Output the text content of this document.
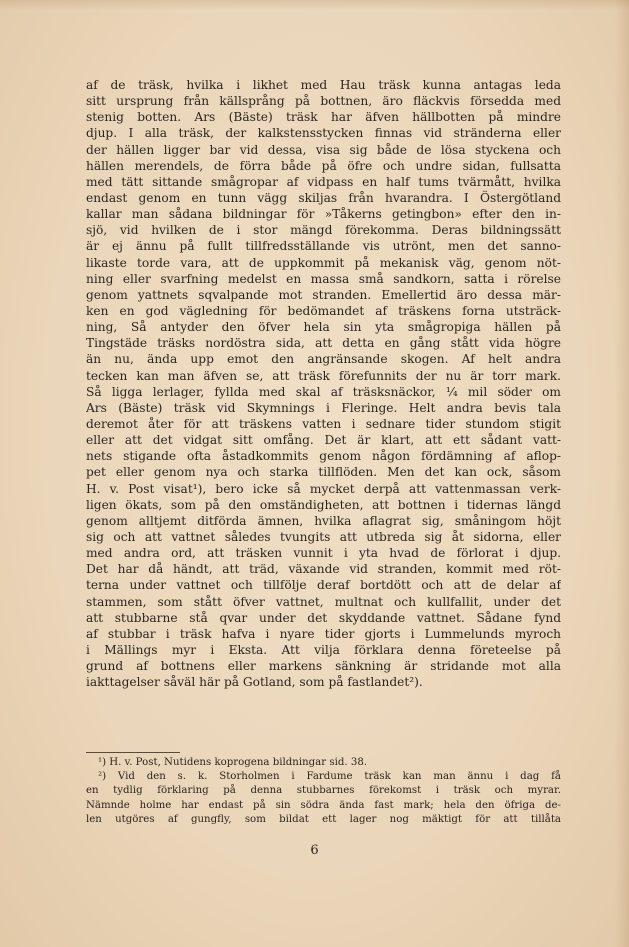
af de träsk, hvilka i likhet med Hau träsk kunna antagas leda
sitt ursprung från källsprång på bottnen, äro fläckvis försedda med
stenig botten. Ars (Bäste) träsk har äfven hällbotten på mindre
djup. I alla träsk, der kalkstensstycken finnas vid stränderna eller
der hällen ligger bar vid dessa, visa sig både de lösa styckena och
hällen merendels, de förra både på öfre och undre sidan, fullsatta
med tätt sittande smågropar af vidpass en half tums tvärmått, hvilka
endast genom en tunn vägg skiljas från hvarandra. I Östergötland
kallar man sådana bildningar för »Tåkerns getingbon» efter den in-
sjö, vid hvilken de i stor mängd förekomma. Deras bildningssätt
är ej ännu på fullt tillfredsställande vis utrönt, men det sanno-
likaste torde vara, att de uppkommit på mekanisk väg, genom nöt-
ning eller svarfning medelst en massa små sandkorn, satta i rörelse
genom yattnets sqvalpande mot stranden. Emellertid äro dessa mär-
ken en god vägledning för bedömandet af träskens forna utsträck-
ning, Så antyder den öfver hela sin yta smågropiga hällen på
Tingstäde träsks nordöstra sida, att detta en gång stått vida högre
än nu, ända upp emot den angränsande skogen. Af helt andra
tecken kan man äfven se, att träsk förefunnits der nu är torr mark.
Så ligga lerlager, fyllda med skal af träsksnäckor, ¼ mil söder om
Ars (Bäste) träsk vid Skymnings i Fleringe. Helt andra bevis tala
deremot åter för att träskens vatten i sednare tider stundom stigit
eller att det vidgat sitt omfång. Det är klart, att ett sådant vatt-
nets stigande ofta åstadkommits genom någon fördämning af aflop-
pet eller genom nya och starka tillflöden. Men det kan ock, såsom
H. v. Post visat¹), bero icke så mycket derpå att vattenmassan verk-
ligen ökats, som på den omständigheten, att bottnen i tidernas längd
genom alltjemt ditförda ämnen, hvilka aflagrat sig, småningom höjt
sig och att vattnet således tvungits att utbreda sig åt sidorna, eller
med andra ord, att träsken vunnit i yta hvad de förlorat i djup.
Det har då händt, att träd, växande vid stranden, kommit med röt-
terna under vattnet och tillfölje deraf bortdött och att de delar af
stammen, som stått öfver vattnet, multnat och kullfallit, under det
att stubbarne stå qvar under det skyddande vattnet. Sådane fynd
af stubbar i träsk hafva i nyare tider gjorts i Lummelunds myroch
i Mällings myr i Eksta. Att vilja förklara denna företeelse på
grund af bottnens eller markens sänkning är stridande mot alla
iakttagelser såväl här på Gotland, som på fastlandet²).
¹) H. v. Post, Nutidens koprogena bildningar sid. 38.
²) Vid den s. k. Storholmen i Fardume träsk kan man ännu i dag få
en tydlig förklaring på denna stubbarnes förekomst i träsk och myrar.
Nämnde holme har endast på sin södra ända fast mark; hela den öfriga de-
len utgöres af gungfly, som bildat ett lager nog mäktigt för att tillåta
6
